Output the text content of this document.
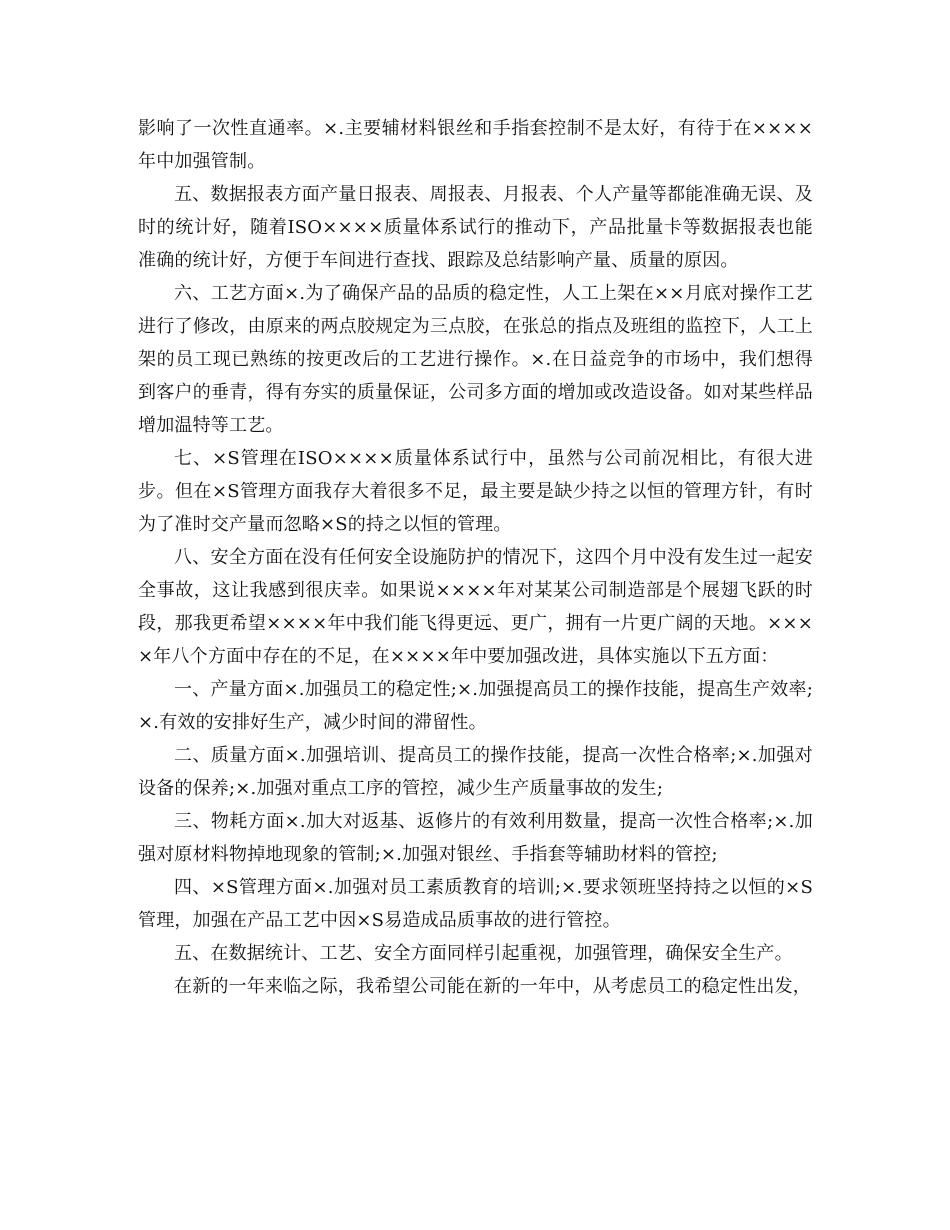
影响了一次性直通率。×.主要辅材料银丝和手指套控制不是太好，有待于在××××年中加强管制。

五、数据报表方面产量日报表、周报表、月报表、个人产量等都能准确无误、及时的统计好，随着ISO××××质量体系试行的推动下，产品批量卡等数据报表也能准确的统计好，方便于车间进行查找、跟踪及总结影响产量、质量的原因。

六、工艺方面×.为了确保产品的品质的稳定性，人工上架在××月底对操作工艺进行了修改，由原来的两点胶规定为三点胶，在张总的指点及班组的监控下，人工上架的员工现已熟练的按更改后的工艺进行操作。×.在日益竞争的市场中，我们想得到客户的垂青，得有夯实的质量保证，公司多方面的增加或改造设备。如对某些样品增加温特等工艺。

七、×S管理在ISO××××质量体系试行中，虽然与公司前况相比，有很大进步。但在×S管理方面我存大着很多不足，最主要是缺少持之以恒的管理方针，有时为了准时交产量而忽略×S的持之以恒的管理。

八、安全方面在没有任何安全设施防护的情况下，这四个月中没有发生过一起安全事故，这让我感到很庆幸。如果说××××年对某某公司制造部是个展翅飞跃的时段，那我更希望××××年中我们能飞得更远、更广，拥有一片更广阔的天地。××××年八个方面中存在的不足，在××××年中要加强改进，具体实施以下五方面：

一、产量方面×.加强员工的稳定性;×.加强提高员工的操作技能，提高生产效率;×.有效的安排好生产，减少时间的滞留性。

二、质量方面×.加强培训、提高员工的操作技能，提高一次性合格率;×.加强对设备的保养;×.加强对重点工序的管控，减少生产质量事故的发生;

三、物耗方面×.加大对返基、返修片的有效利用数量，提高一次性合格率;×.加强对原材料物掉地现象的管制;×.加强对银丝、手指套等辅助材料的管控;

四、×S管理方面×.加强对员工素质教育的培训;×.要求领班坚持持之以恒的×S管理，加强在产品工艺中因×S易造成品质事故的进行管控。

五、在数据统计、工艺、安全方面同样引起重视，加强管理，确保安全生产。

在新的一年来临之际，我希望公司能在新的一年中，从考虑员工的稳定性出发，
